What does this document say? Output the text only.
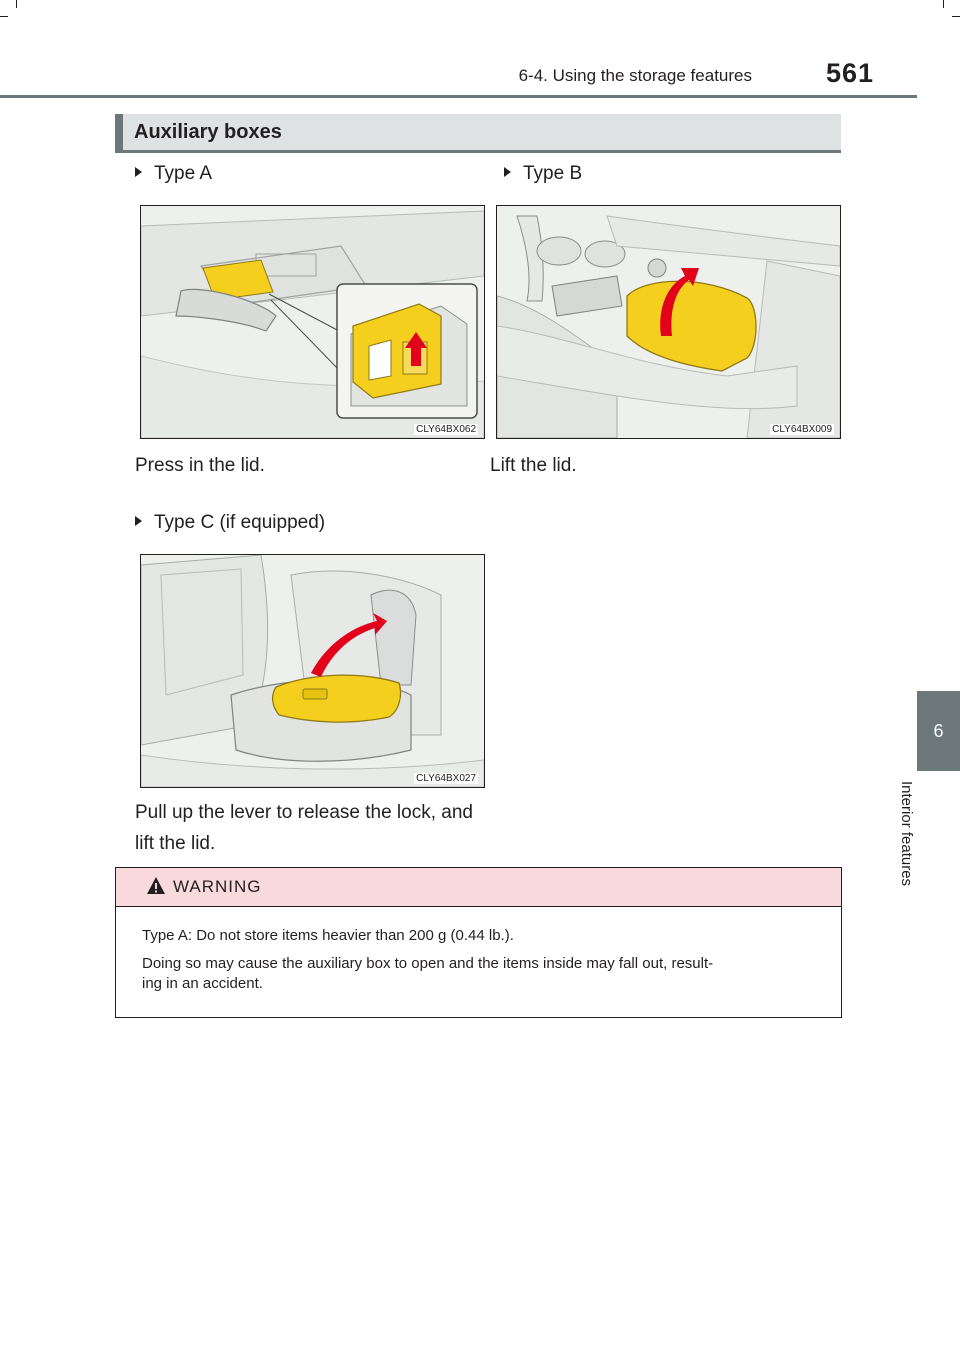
6-4. Using the storage features	561
6
Interior features
Auxiliary boxes
Type A
CLY64BX062
Press in the lid.
Type B
CLY64BX009
Lift the lid.
Type C (if equipped)
CLY64BX027
Pull up the lever to release the lock, and
lift the lid.
WARNING
Type A: Do not store items heavier than 200 g (0.44 lb.).
Doing so may cause the auxiliary box to open and the items inside may fall out, result-
ing in an accident.
